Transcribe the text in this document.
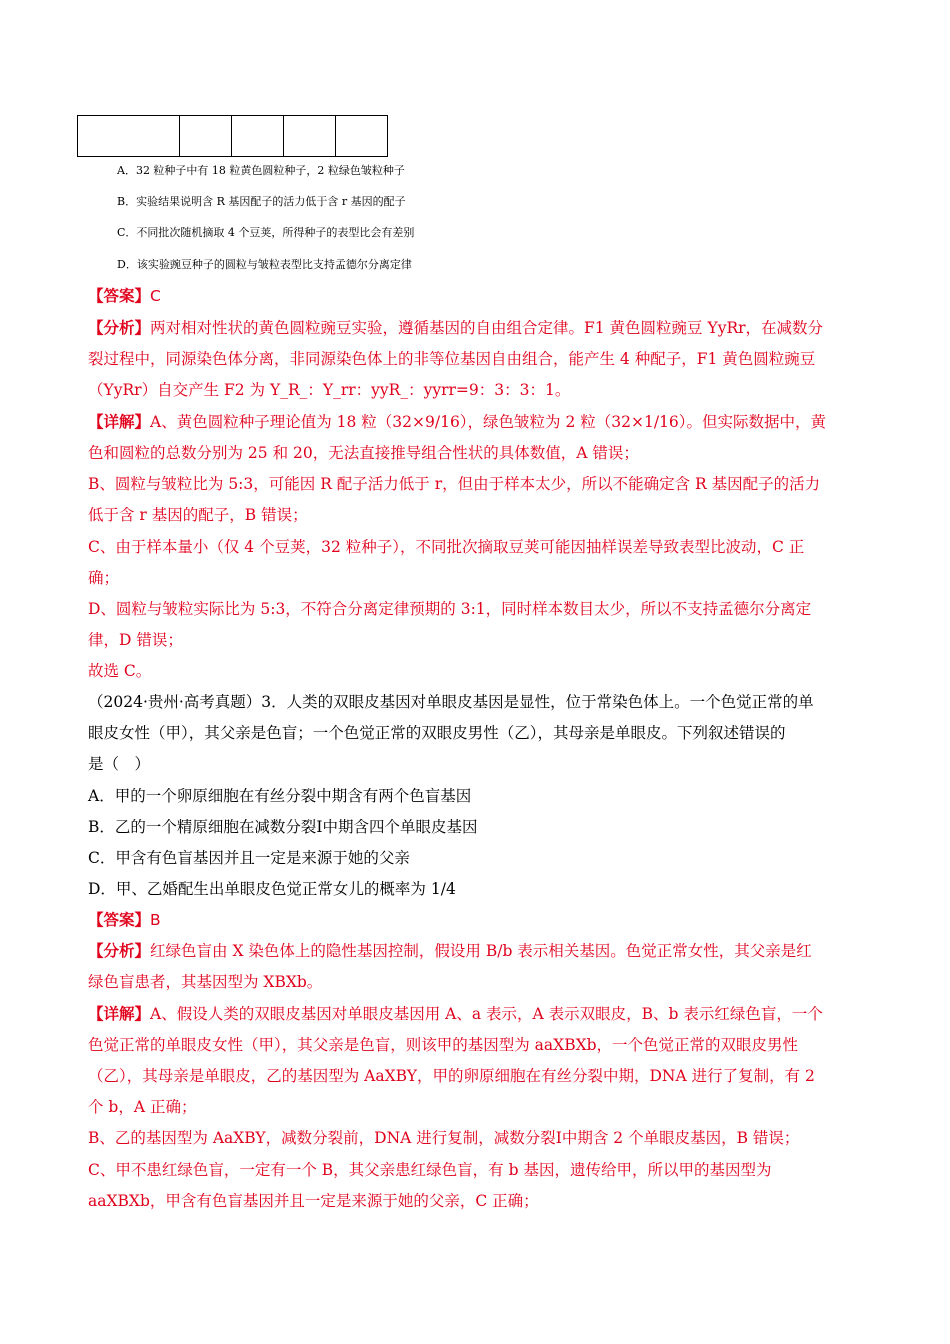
A．32 粒种子中有 18 粒黄色圆粒种子，2 粒绿色皱粒种子
B．实验结果说明含 R 基因配子的活力低于含 r 基因的配子
C．不同批次随机摘取 4 个豆荚，所得种子的表型比会有差别
D．该实验豌豆种子的圆粒与皱粒表型比支持孟德尔分离定律
【答案】C
【分析】两对相对性状的黄色圆粒豌豆实验，遵循基因的自由组合定律。F1 黄色圆粒豌豆 YyRr，在减数分
裂过程中，同源染色体分离，非同源染色体上的非等位基因自由组合，能产生 4 种配子，F1 黄色圆粒豌豆
（YyRr）自交产生 F2 为 Y_R_：Y_rr：yyR_：yyrr=9：3：3：1。
【详解】A、黄色圆粒种子理论值为 18 粒（32×9/16），绿色皱粒为 2 粒（32×1/16）。但实际数据中，黄
色和圆粒的总数分别为 25 和 20，无法直接推导组合性状的具体数值，A 错误；
B、圆粒与皱粒比为 5:3，可能因 R 配子活力低于 r，但由于样本太少，所以不能确定含 R 基因配子的活力
低于含 r 基因的配子，B 错误；
C、由于样本量小（仅 4 个豆荚，32 粒种子），不同批次摘取豆荚可能因抽样误差导致表型比波动，C 正
确；
D、圆粒与皱粒实际比为 5:3，不符合分离定律预期的 3:1，同时样本数目太少，所以不支持孟德尔分离定
律，D 错误；
故选 C。
（2024·贵州·高考真题）3．人类的双眼皮基因对单眼皮基因是显性，位于常染色体上。一个色觉正常的单
眼皮女性（甲），其父亲是色盲；一个色觉正常的双眼皮男性（乙），其母亲是单眼皮。下列叙述错误的
是（　）
A．甲的一个卵原细胞在有丝分裂中期含有两个色盲基因
B．乙的一个精原细胞在减数分裂Ⅰ中期含四个单眼皮基因
C．甲含有色盲基因并且一定是来源于她的父亲
D．甲、乙婚配生出单眼皮色觉正常女儿的概率为 1/4
【答案】B
【分析】红绿色盲由 X 染色体上的隐性基因控制，假设用 B/b 表示相关基因。色觉正常女性，其父亲是红
绿色盲患者，其基因型为 XBXb。
【详解】A、假设人类的双眼皮基因对单眼皮基因用 A、a 表示，A 表示双眼皮，B、b 表示红绿色盲，一个
色觉正常的单眼皮女性（甲），其父亲是色盲，则该甲的基因型为 aaXBXb，一个色觉正常的双眼皮男性
（乙），其母亲是单眼皮，乙的基因型为 AaXBY，甲的卵原细胞在有丝分裂中期，DNA 进行了复制，有 2
个 b，A 正确；
B、乙的基因型为 AaXBY，减数分裂前，DNA 进行复制，减数分裂Ⅰ中期含 2 个单眼皮基因，B 错误；
C、甲不患红绿色盲，一定有一个 B，其父亲患红绿色盲，有 b 基因，遗传给甲，所以甲的基因型为
aaXBXb，甲含有色盲基因并且一定是来源于她的父亲，C 正确；
